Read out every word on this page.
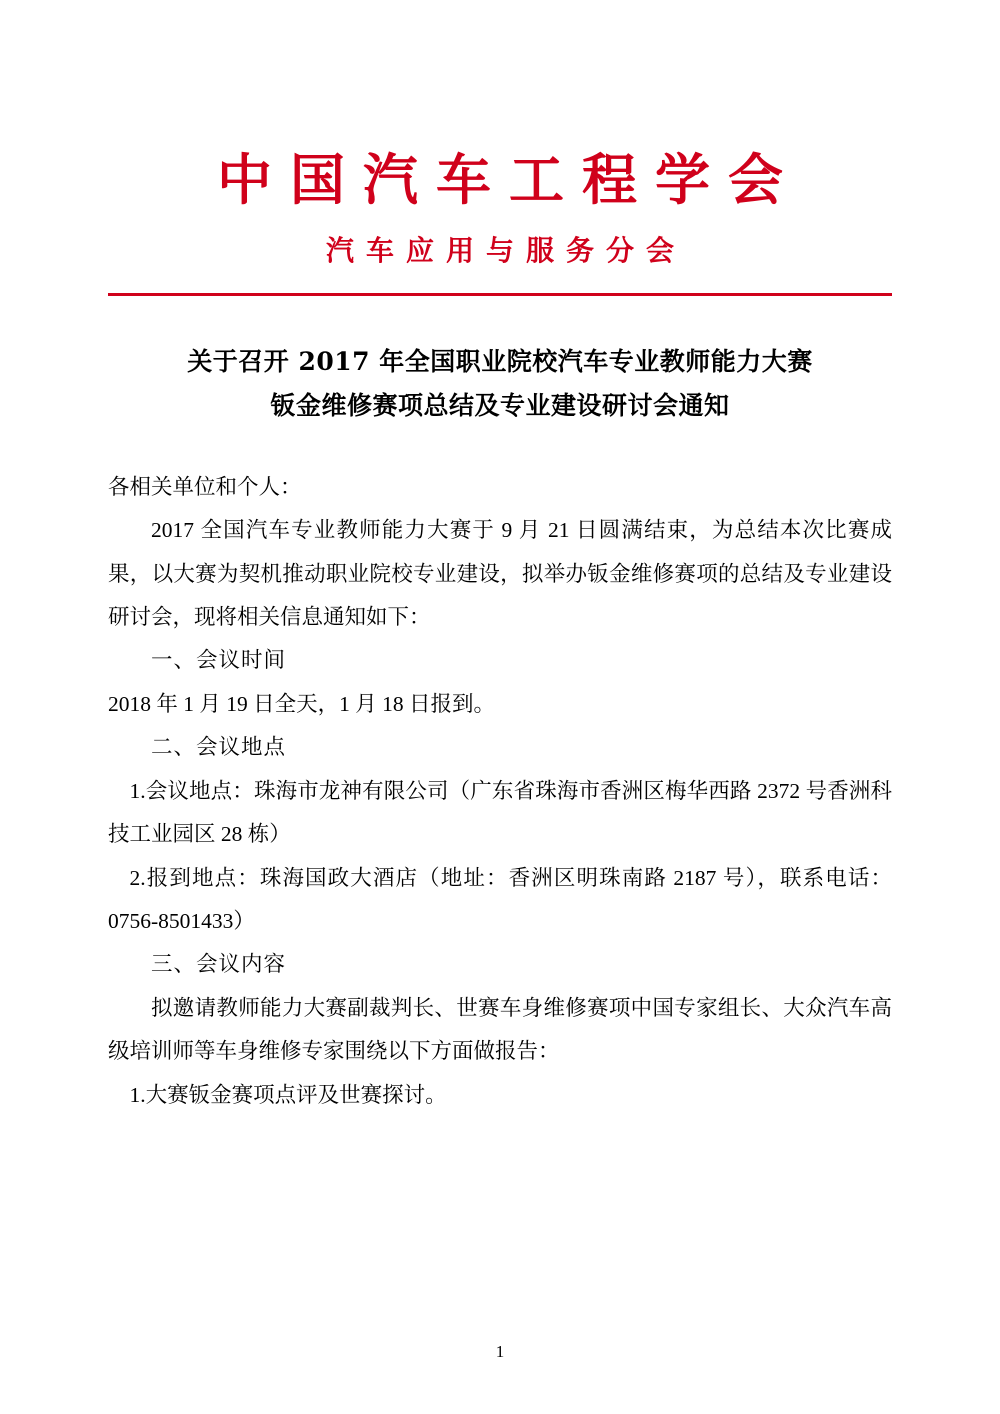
中国汽车工程学会
汽车应用与服务分会
关于召开 2017 年全国职业院校汽车专业教师能力大赛
钣金维修赛项总结及专业建设研讨会通知

各相关单位和个人：

2017 全国汽车专业教师能力大赛于 9 月 21 日圆满结束，为总结本次比赛成果，以大赛为契机推动职业院校专业建设，拟举办钣金维修赛项的总结及专业建设研讨会，现将相关信息通知如下：

一、会议时间

2018 年 1 月 19 日全天，1 月 18 日报到。

二、会议地点

1.会议地点：珠海市龙神有限公司（广东省珠海市香洲区梅华西路 2372 号香洲科技工业园区 28 栋）

2.报到地点：珠海国政大酒店（地址：香洲区明珠南路 2187 号），联系电话：0756-8501433）

三、会议内容

拟邀请教师能力大赛副裁判长、世赛车身维修赛项中国专家组长、大众汽车高级培训师等车身维修专家围绕以下方面做报告：

1.大赛钣金赛项点评及世赛探讨。

1
